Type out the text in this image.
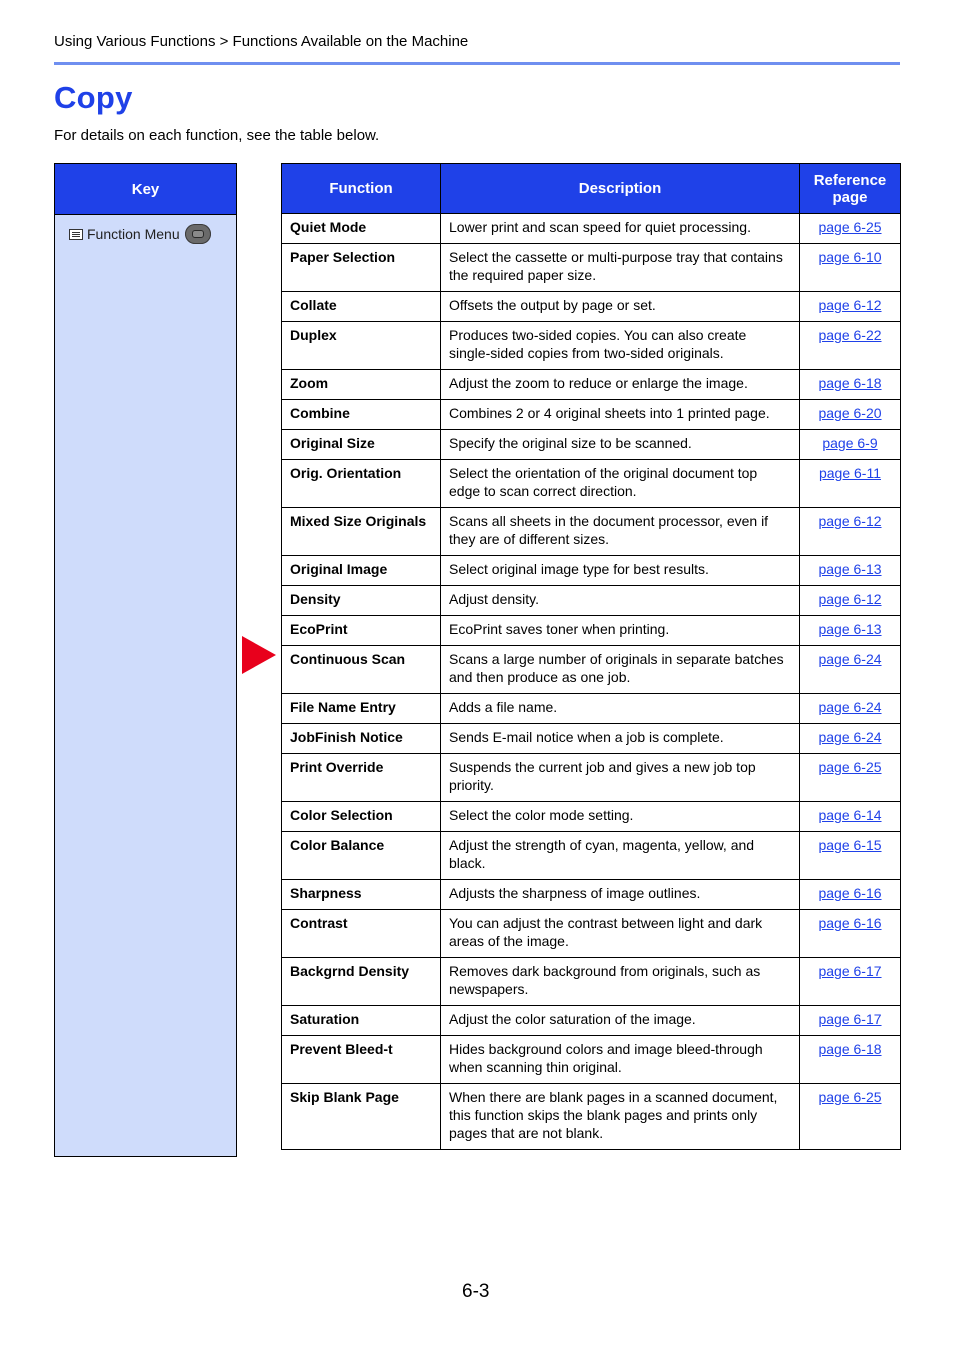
Using Various Functions > Functions Available on the Machine
Copy
For details on each function, see the table below.
Key
Function Menu
Function	Description	Reference page
Quiet Mode	Lower print and scan speed for quiet processing.	page 6-25
Paper Selection	Select the cassette or multi-purpose tray that contains the required paper size.	page 6-10
Collate	Offsets the output by page or set.	page 6-12
Duplex	Produces two-sided copies. You can also create single-sided copies from two-sided originals.	page 6-22
Zoom	Adjust the zoom to reduce or enlarge the image.	page 6-18
Combine	Combines 2 or 4 original sheets into 1 printed page.	page 6-20
Original Size	Specify the original size to be scanned.	page 6-9
Orig. Orientation	Select the orientation of the original document top edge to scan correct direction.	page 6-11
Mixed Size Originals	Scans all sheets in the document processor, even if they are of different sizes.	page 6-12
Original Image	Select original image type for best results.	page 6-13
Density	Adjust density.	page 6-12
EcoPrint	EcoPrint saves toner when printing.	page 6-13
Continuous Scan	Scans a large number of originals in separate batches and then produce as one job.	page 6-24
File Name Entry	Adds a file name.	page 6-24
JobFinish Notice	Sends E-mail notice when a job is complete.	page 6-24
Print Override	Suspends the current job and gives a new job top priority.	page 6-25
Color Selection	Select the color mode setting.	page 6-14
Color Balance	Adjust the strength of cyan, magenta, yellow, and black.	page 6-15
Sharpness	Adjusts the sharpness of image outlines.	page 6-16
Contrast	You can adjust the contrast between light and dark areas of the image.	page 6-16
Backgrnd Density	Removes dark background from originals, such as newspapers.	page 6-17
Saturation	Adjust the color saturation of the image.	page 6-17
Prevent Bleed-t	Hides background colors and image bleed-through when scanning thin original.	page 6-18
Skip Blank Page	When there are blank pages in a scanned document, this function skips the blank pages and prints only pages that are not blank.	page 6-25
6-3
